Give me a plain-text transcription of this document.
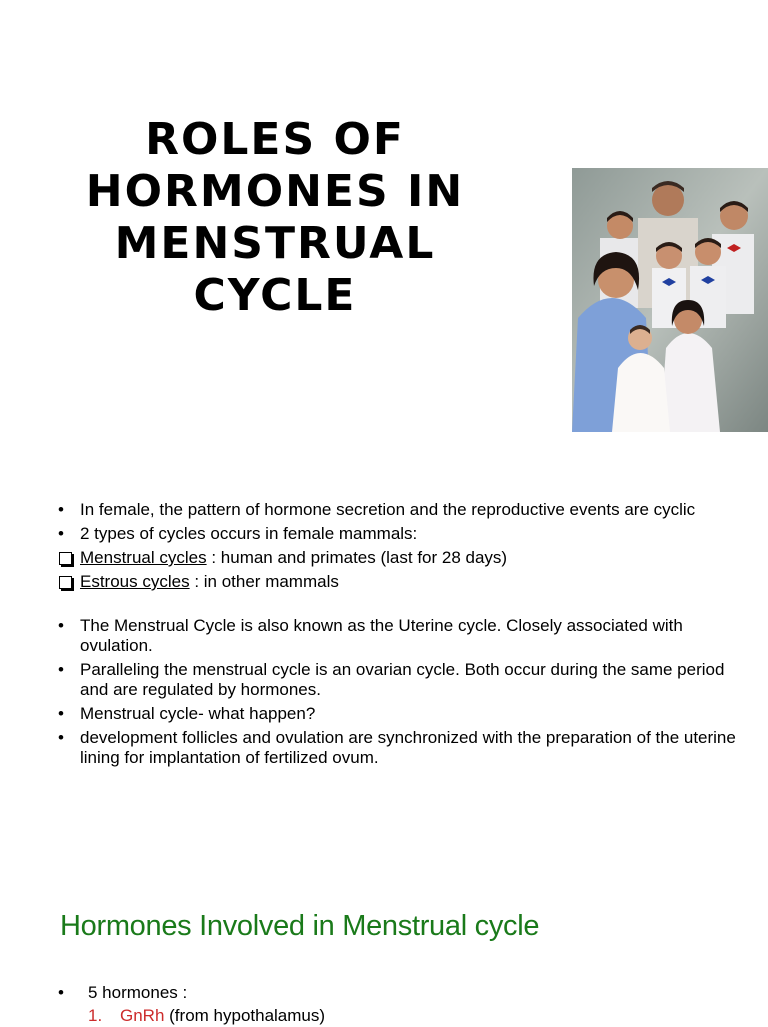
ROLES OF HORMONES IN MENSTRUAL CYCLE
• In female, the pattern of hormone secretion and the reproductive events are cyclic
• 2 types of cycles occurs in female mammals:
Menstrual cycles : human and primates (last for 28 days)
Estrous cycles : in other mammals
• The Menstrual Cycle is also known as the Uterine cycle. Closely associated with ovulation.
• Paralleling the menstrual cycle is an ovarian cycle. Both occur during the same period and are regulated by hormones.
• Menstrual cycle- what happen?
• development follicles and ovulation are synchronized with the preparation of the uterine lining for implantation of fertilized ovum.
Hormones Involved in Menstrual cycle
• 5 hormones :
1. GnRh (from hypothalamus)
